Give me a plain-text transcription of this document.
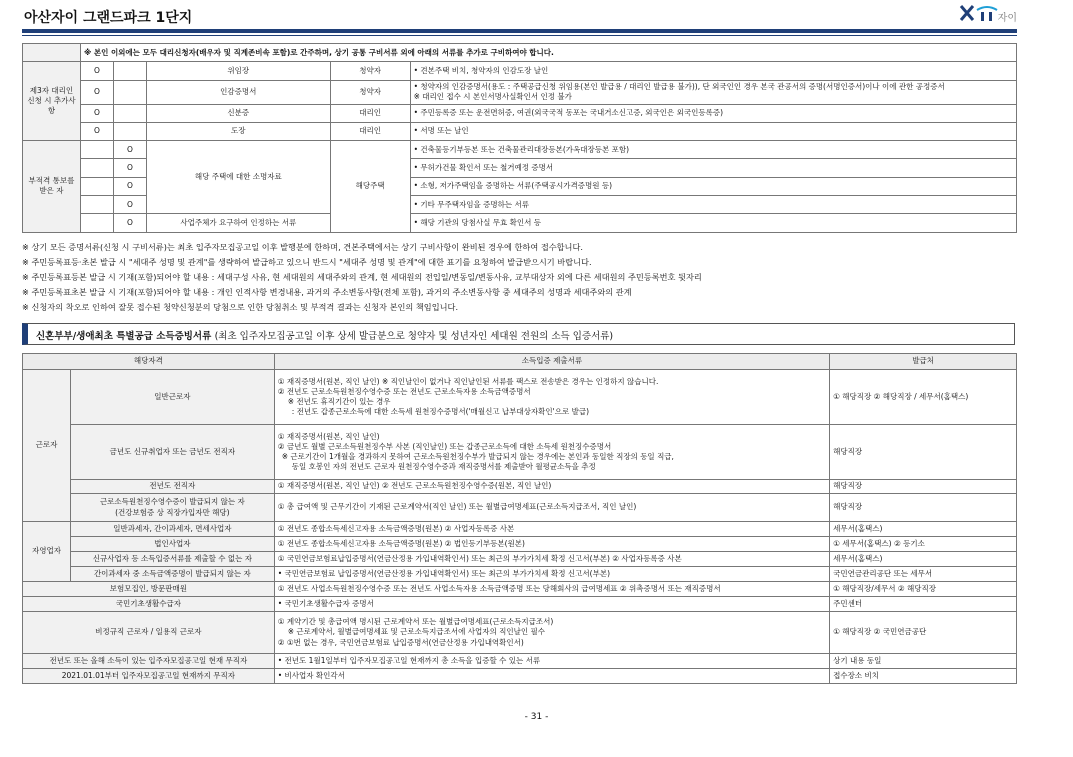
아산자이 그랜드파크 1단지	자이
	※ 본인 이외에는 모두 대리신청자(배우자 및 직계존비속 포함)로 간주하며, 상기 공통 구비서류 외에 아래의 서류를 추가로 구비하여야 합니다.				
제3자 대리인 신청 시 추가사항	O		위임장	청약자	• 견본주택 비치, 청약자의 인감도장 날인
	O		인감증명서	청약자	• 청약자의 인감증명서(용도 : 주택공급신청 위임용(본인 발급용 / 대리인 발급용 불가)), 단 외국인인 경우 본국 관공서의 증명(서명인증서)이나 이에 관한 공정증서
※ 대리인 접수 시 본인서명사실확인서 인정 불가

	O		신분증	대리인	• 주민등록증 또는 운전면허증, 여권(외국국적 동포는 국내거소신고증, 외국인은 외국인등록증)
	O		도장	대리인	• 서명 또는 날인
부적격 통보를 받은 자		O	해당 주택에 대한 소명자료	해당주택	• 건축물등기부등본 또는 건축물관리대장등본(가옥대장등본 포함)
		O			• 무허가건물 확인서 또는 철거예정 증명서
		O			• 소형, 저가주택임을 증명하는 서류(주택공시가격증명원 등)
		O			• 기타 무주택자임을 증명하는 서류
		O	사업주체가 요구하여 인정하는 서류		• 해당 기관의 당첨사실 무효 확인서 등
※ 상기 모든 증명서류(신청 시 구비서류)는 최초 입주자모집공고일 이후 발행분에 한하며, 견본주택에서는 상기 구비사항이 완비된 경우에 한하여 접수합니다.
※ 주민등록표등·초본 발급 시 "세대주 성명 및 관계"를 생략하여 발급하고 있으니 반드시 "세대주 성명 및 관계"에 대한 표기를 요청하여 발급받으시기 바랍니다.
※ 주민등록표등본 발급 시 기재(포함)되어야 할 내용 : 세대구성 사유, 현 세대원의 세대주와의 관계, 현 세대원의 전입일/변동일/변동사유, 교부대상자 외에 다른 세대원의 주민등록번호 뒷자리
※ 주민등록표초본 발급 시 기재(포함)되어야 할 내용 : 개인 인적사항 변경내용, 과거의 주소변동사항(전체 포함), 과거의 주소변동사항 중 세대주의 성명과 세대주와의 관계
※ 신청자의 착오로 인하여 잘못 접수된 청약신청분의 당첨으로 인한 당첨취소 및 부적격 결과는 신청자 본인의 책임입니다.
신혼부부/생애최초 특별공급 소득증빙서류 (최초 입주자모집공고일 이후 상세 발급분으로 청약자 및 성년자인 세대원 전원의 소득 입증서류)
해당자격		소득입증 제출서류	발급처
근로자	일반근로자	① 재직증명서(원본, 직인 날인) ※ 직인날인이 없거나 직인날인된 서류를 팩스로 전송받은 경우는 인정하지 않습니다.
② 전년도 근로소득원천징수영수증 또는 전년도 근로소득자용 소득금액증명서
※ 전년도 휴직기간이 있는 경우
: 전년도 갑종근로소득에 대한 소득세 원천징수증명서('매월신고 납부대상자확인'으로 발급)	① 해당직장 ② 해당직장 / 세무서(홈택스)
	금년도 신규취업자 또는 금년도 전직자	① 재직증명서(원본, 직인 날인)
② 금년도 월별 근로소득원천징수부 사본 (직인날인) 또는 갑종근로소득에 대한 소득세 원천징수증명서
※ 근로기간이 1개월을 경과하지 못하여 근로소득원천징수부가 발급되지 않는 경우에는 본인과 동일한 직장의 동일 직급,
동일 호봉인 자의 전년도 근로자 원천징수영수증과 재직증명서를 제출받아 월평균소득을 추정	해당직장
	전년도 전직자	① 재직증명서(원본, 직인 날인) ② 전년도 근로소득원천징수영수증(원본, 직인 날인)	해당직장

	근로소득원천징수영수증이 발급되지 않는 자
(건강보험증 상 직장가입자만 해당)	① 총 급여액 및 근무기간이 기재된 근로계약서(직인 날인) 또는 월별급여명세표(근로소득지급조서, 직인 날인)	해당직장
자영업자	일반과세자, 간이과세자, 면세사업자	① 전년도 종합소득세신고자용 소득금액증명(원본) ② 사업자등록증 사본	세무서(홈택스)
	법인사업자	① 전년도 종합소득세신고자용 소득금액증명(원본) ② 법인등기부등본(원본)	① 세무서(홈택스) ② 등기소
	신규사업자 등 소득입증서류를 제출할 수 없는 자	① 국민연금보험료납입증명서(연금산정용 가입내역확인서) 또는 최근의 부가가치세 확정 신고서(부본) ② 사업자등록증 사본	세무서(홈택스)
	간이과세자 중 소득금액증명이 발급되지 않는 자	• 국민연금보험료 납입증명서(연금산정용 가입내역확인서) 또는 최근의 부가가치세 확정 신고서(부본)	국민연금관리공단 또는 세무서
보험모집인, 방문판매원		① 전년도 사업소득원천징수영수증 또는 전년도 사업소득자용 소득금액증명 또는 당해회사의 급여명세표 ② 위촉증명서 또는 재직증명서	① 해당직장/세무서 ② 해당직장
국민기초생활수급자		• 국민기초생활수급자 증명서	주민센터
비정규직 근로자 / 일용직 근로자		① 계약기간 및 총급여액 명시된 근로계약서 또는 월별급여명세표(근로소득지급조서)
※ 근로계약서, 월별급여명세표 및 근로소득지급조서에 사업자의 직인날인 필수
② ①번 없는 경우, 국민연금보험료 납입증명서(연금산정용 가입내역확인서)	① 해당직장 ② 국민연금공단
전년도 또는 올해 소득이 있는 입주자모집공고일 현재 무직자		• 전년도 1월1일부터 입주자모집공고일 현재까지 총 소득을 입증할 수 있는 서류	상기 내용 동일
2021.01.01부터 입주자모집공고일 현재까지 무직자		• 비사업자 확인각서	접수장소 비치
- 31 -
